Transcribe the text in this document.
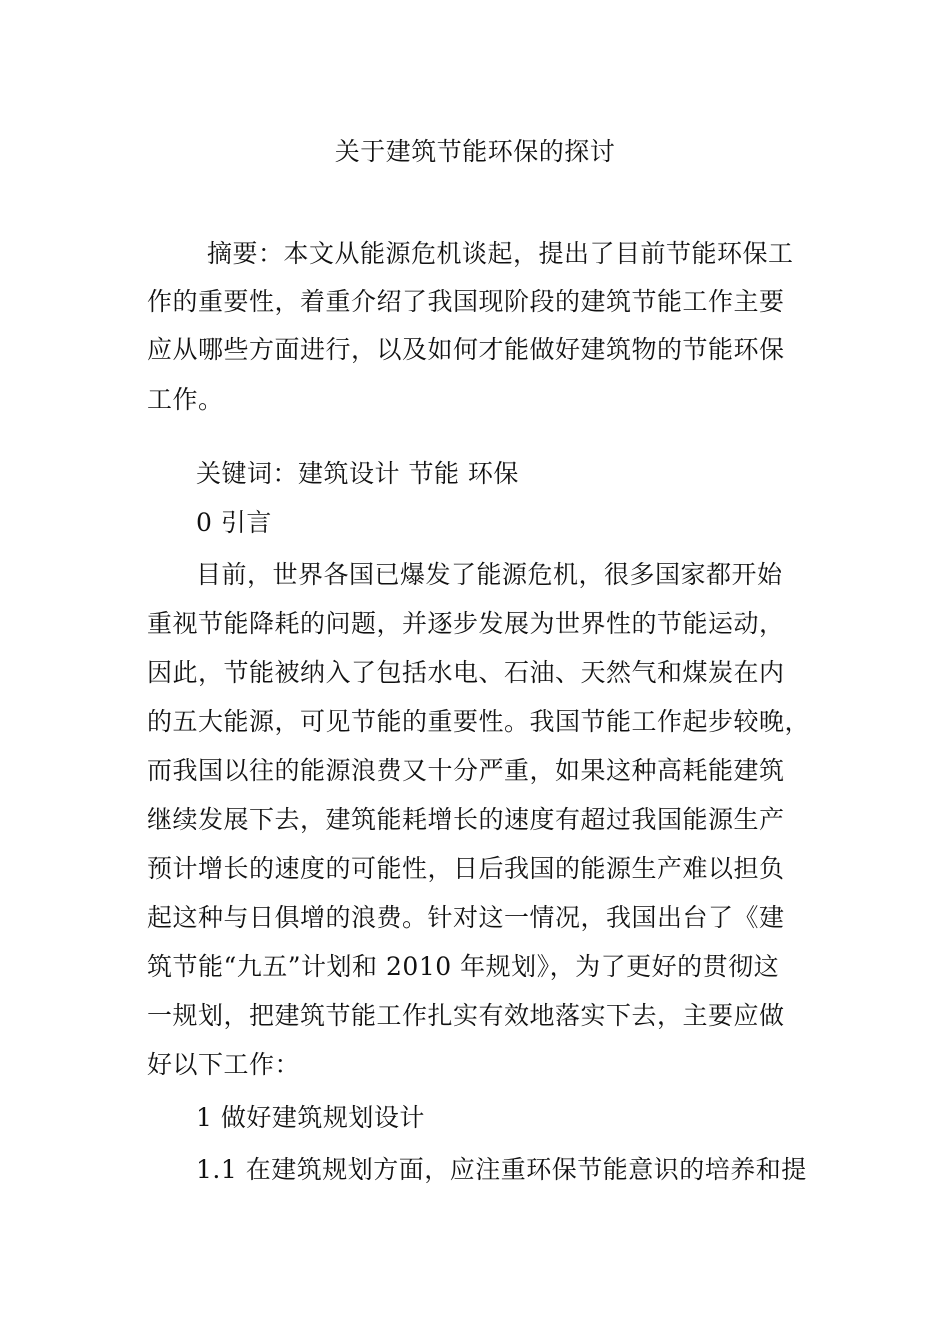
关于建筑节能环保的探讨
摘要：本文从能源危机谈起，提出了目前节能环保工
作的重要性，着重介绍了我国现阶段的建筑节能工作主要
应从哪些方面进行，以及如何才能做好建筑物的节能环保
工作。
关键词：建筑设计 节能 环保
0 引言
目前，世界各国已爆发了能源危机，很多国家都开始
重视节能降耗的问题，并逐步发展为世界性的节能运动，
因此，节能被纳入了包括水电、石油、天然气和煤炭在内
的五大能源，可见节能的重要性。我国节能工作起步较晚，
而我国以往的能源浪费又十分严重，如果这种高耗能建筑
继续发展下去，建筑能耗增长的速度有超过我国能源生产
预计增长的速度的可能性，日后我国的能源生产难以担负
起这种与日俱增的浪费。针对这一情况，我国出台了《建
筑节能“九五”计划和 2010 年规划》，为了更好的贯彻这
一规划，把建筑节能工作扎实有效地落实下去，主要应做
好以下工作：
1 做好建筑规划设计
1.1 在建筑规划方面，应注重环保节能意识的培养和提
